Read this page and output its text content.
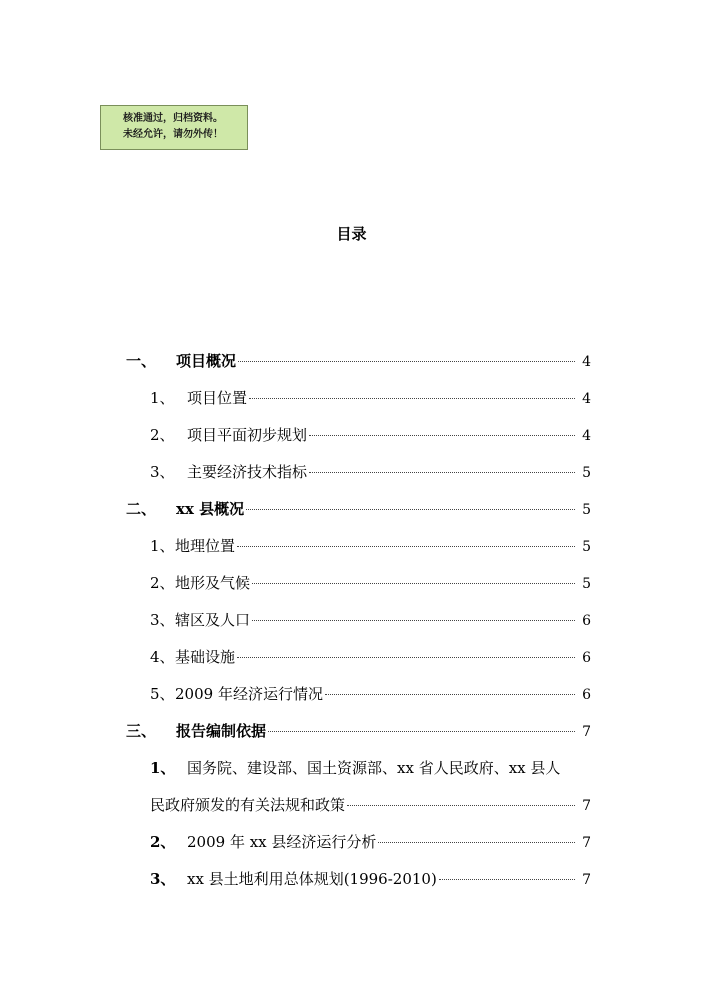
核准通过，归档资料。
未经允许，请勿外传！
目录
一、	项目概况	4
1、 项目位置	4
2、 项目平面初步规划	4
3、 主要经济技术指标	5
二、	xx 县概况	5
1、 地理位置	5
2、 地形及气候	5
3、 辖区及人口	6
4、 基础设施	6
5、 2009 年经济运行情况	6
三、	报告编制依据	7
1、 国务院、建设部、国土资源部、xx 省人民政府、xx 县人
民政府颁发的有关法规和政策	7
2、 2009 年 xx 县经济运行分析	7
3、 xx 县土地利用总体规划(1996-2010)	7
